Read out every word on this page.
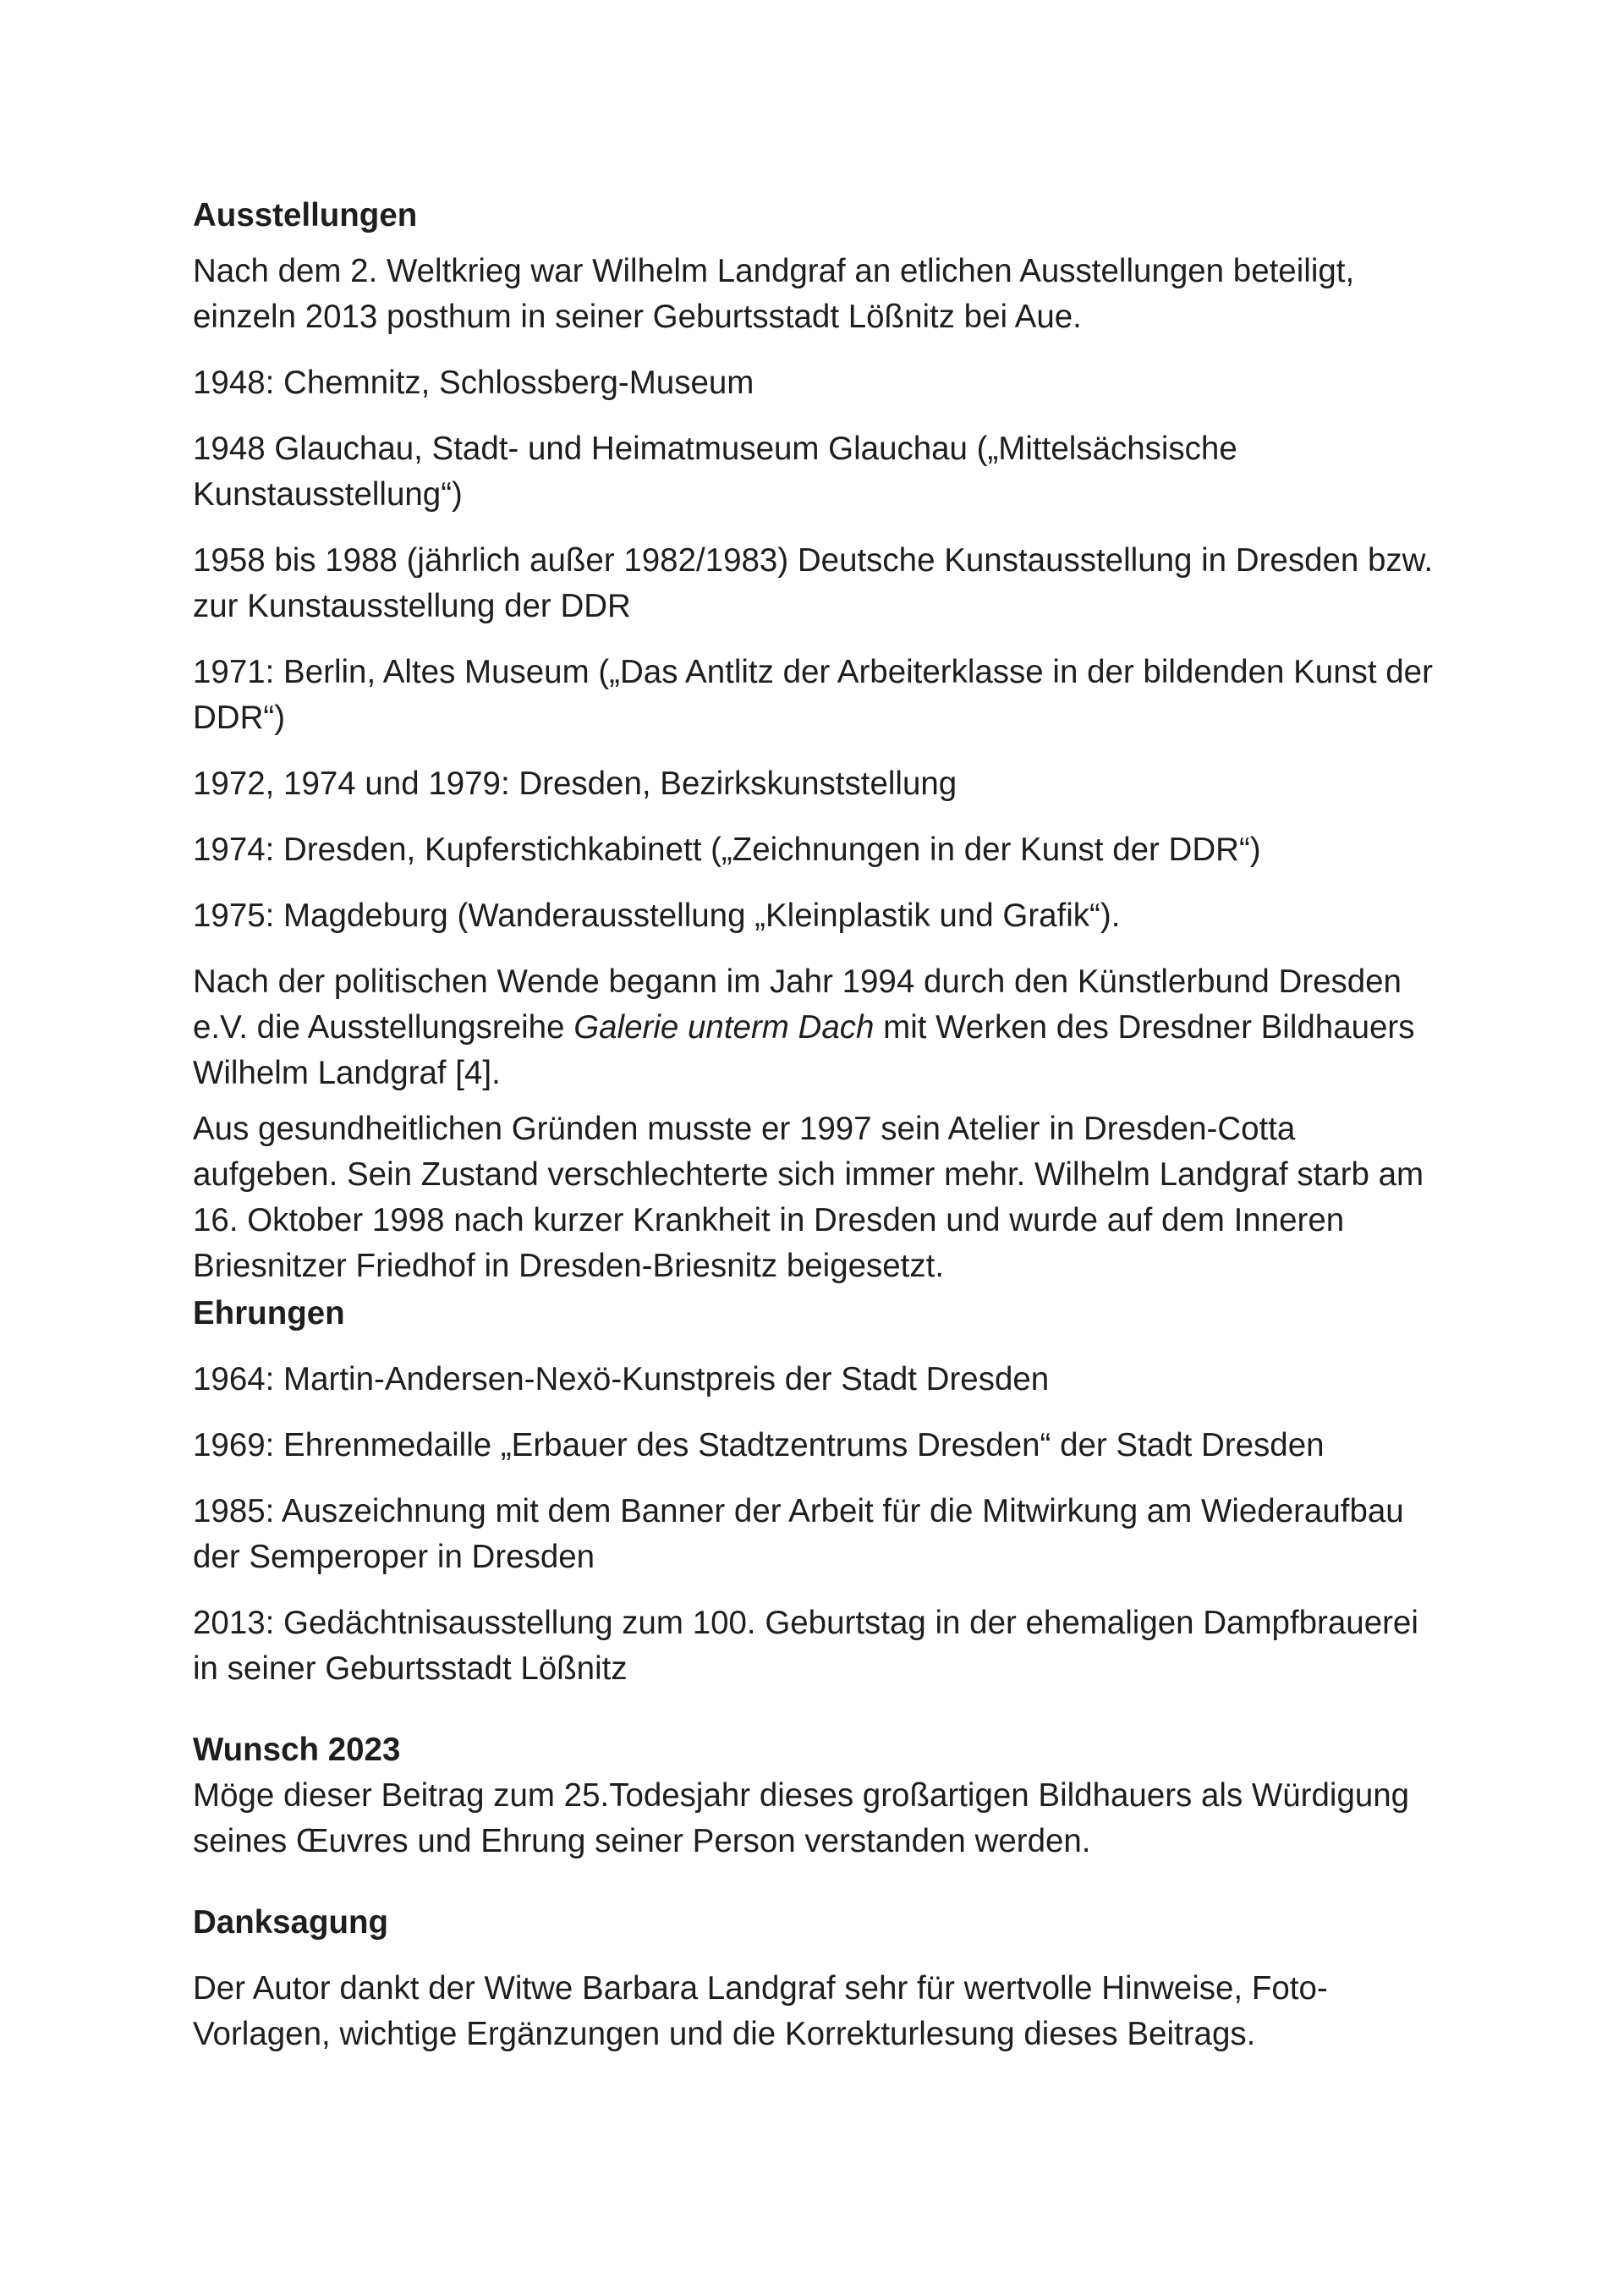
Ausstellungen

Nach dem 2. Weltkrieg war Wilhelm Landgraf an etlichen Ausstellungen beteiligt, einzeln 2013 posthum in seiner Geburtsstadt Lößnitz bei Aue.

1948: Chemnitz, Schlossberg-Museum

1948 Glauchau, Stadt- und Heimatmuseum Glauchau („Mittelsächsische Kunstausstellung“)

1958 bis 1988 (jährlich außer 1982/1983) Deutsche Kunstausstellung in Dresden bzw. zur Kunstausstellung der DDR

1971: Berlin, Altes Museum („Das Antlitz der Arbeiterklasse in der bildenden Kunst der DDR“)

1972, 1974 und 1979: Dresden, Bezirkskunststellung

1974: Dresden, Kupferstichkabinett („Zeichnungen in der Kunst der DDR“)

1975: Magdeburg (Wanderausstellung „Kleinplastik und Grafik“).

Nach der politischen Wende begann im Jahr 1994 durch den Künstlerbund Dresden e.V. die Ausstellungsreihe Galerie unterm Dach mit Werken des Dresdner Bildhauers Wilhelm Landgraf [4].

Aus gesundheitlichen Gründen musste er 1997 sein Atelier in Dresden-Cotta aufgeben. Sein Zustand verschlechterte sich immer mehr. Wilhelm Landgraf starb am 16. Oktober 1998 nach kurzer Krankheit in Dresden und wurde auf dem Inneren Briesnitzer Friedhof in Dresden-Briesnitz beigesetzt.

Ehrungen

1964: Martin-Andersen-Nexö-Kunstpreis der Stadt Dresden

1969: Ehrenmedaille „Erbauer des Stadtzentrums Dresden“ der Stadt Dresden

1985: Auszeichnung mit dem Banner der Arbeit für die Mitwirkung am Wiederaufbau der Semperoper in Dresden

2013: Gedächtnisausstellung zum 100. Geburtstag in der ehemaligen Dampfbrauerei in seiner Geburtsstadt Lößnitz

Wunsch 2023

Möge dieser Beitrag zum 25.Todesjahr dieses großartigen Bildhauers als Würdigung seines Œuvres und Ehrung seiner Person verstanden werden.

Danksagung

Der Autor dankt der Witwe Barbara Landgraf sehr für wertvolle Hinweise, Foto-Vorlagen, wichtige Ergänzungen und die Korrekturlesung dieses Beitrags.
